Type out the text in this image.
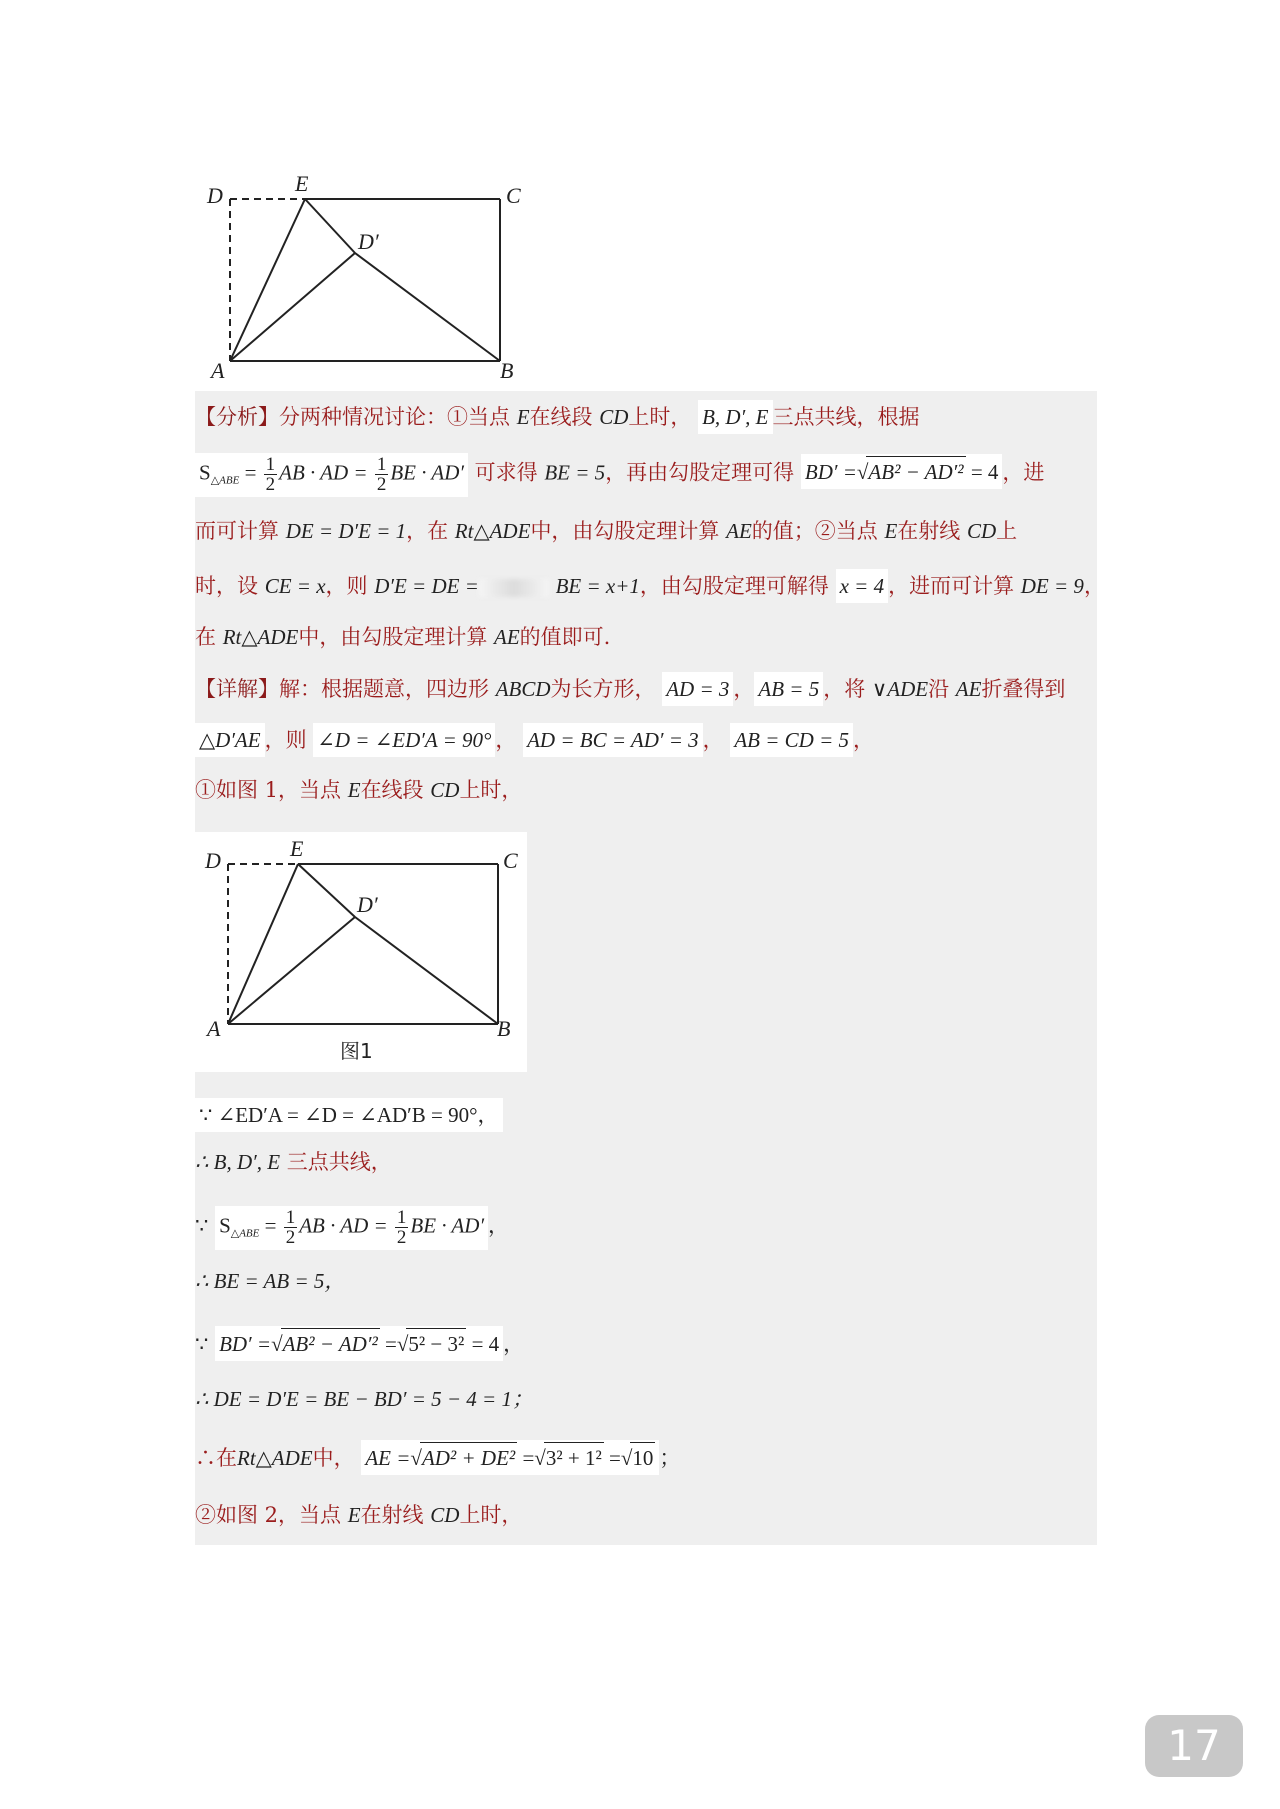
D	E	C
D′
A	B
【分析】分两种情况讨论：①当点 E在线段 CD上时， B, D′, E 三点共线，根据
$S_{\triangle ABE} = \frac{1}{2}$ AB · AD = $\frac{1}{2}$ BE · AD′ 可求得 BE = 5，再由勾股定理可得 BD′ =√AB² − AD′² = 4 ，进
而可计算 DE = D′E = 1，在 Rt△ADE中，由勾股定理计算 AE的值；②当点 E在射线 CD上
时，设 CE = x，则 D′E = DE =	BE = x+1，由勾股定理可解得 x = 4 ，进而可计算 DE = 9，
在 Rt△ADE中，由勾股定理计算 AE的值即可.
【详解】解：根据题意，四边形 ABCD为长方形， AD = 3 ， AB = 5 ，将 ∨ADE沿 AE折叠得到
△D′AE ，则 ∠D = ∠ED′A = 90° ， AD = BC = AD′ = 3 ， AB = CD = 5 ，
①如图 1，当点 E在线段 CD上时，
D	E	C
D′
A	B
图1
∵ ∠ED′A = ∠D = ∠AD′B = 90°，
∴ B, D′, E 三点共线，
∵ $S_{\triangle ABE} = \frac{1}{2}$ AB · AD = $\frac{1}{2}$ BE · AD′ ，
∴ BE = AB = 5，
∵ BD′ =√AB² − AD′² =√5² − 3² = 4 ，
∴ DE = D′E = BE − BD′ = 5 − 4 = 1；
∴在Rt△ADE中， AE =√AD² + DE² =√3² + 1² =√10 ；
②如图 2，当点 E在射线 CD上时，
17
